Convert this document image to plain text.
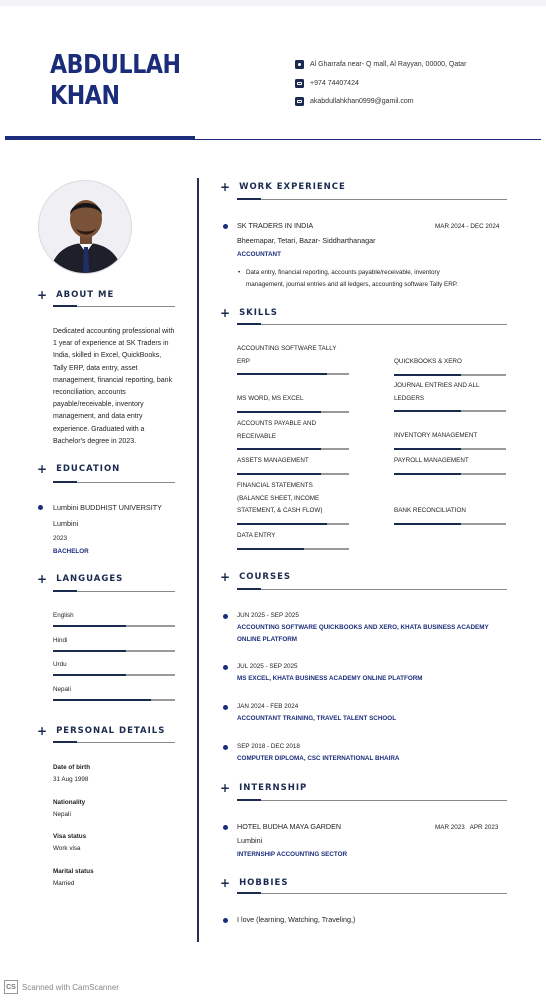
ABDULLAH
KHAN
Al Gharrafa near- Q mall, Al Rayyan, 00000, Qatar
+974 74407424
akabdullahkhan0999@gamil.com
+ ABOUT ME
Dedicated accounting professional with 1 year of experience at SK Traders in India, skilled in Excel, QuickBooks, Tally ERP, data entry, asset management, financial reporting, bank reconciliation, accounts payable/receivable, inventory management, and data entry experience. Graduated with a Bachelor's degree in 2023.
+ EDUCATION
Lumbini BUDDHIST UNIVERSITY
Lumbini
2023
BACHELOR
+ LANGUAGES
+ PERSONAL DETAILS
+ WORK EXPERIENCE
SK TRADERS IN INDIA	MAR 2024 - DEC 2024
Bheemapar, Tetari, Bazar- Siddharthanagar
ACCOUNTANT
• Data entry, financial reporting, accounts payable/receivable, inventory
management, journal entries and all ledgers, accounting software Tally ERP.
+ SKILLS
+ COURSES
+ INTERNSHIP
HOTEL BUDHA MAYA GARDEN	MAR 2023   APR 2023
Lumbini
INTERNSHIP ACCOUNTING SECTOR
+ HOBBIES
I love (learning, Watching, Traveling,)
CS Scanned with CamScanner
English
Hindi
Urdu
Nepali
Date of birth
31 Aug 1998
Nationality
Nepali
Visa status
Work visa
Marital status
Married
ACCOUNTING SOFTWARE TALLY
ERP
MS WORD, MS EXCEL
ACCOUNTS PAYABLE AND
RECEIVABLE
ASSETS MANAGEMENT
FINANCIAL STATEMENTS
(BALANCE SHEET, INCOME
STATEMENT, & CASH FLOW)
DATA ENTRY
QUICKBOOKS & XERO
JOURNAL ENTRIES AND ALL
LEDGERS
INVENTORY MANAGEMENT
PAYROLL MANAGEMENT
BANK RECONCILIATION
JUN 2025 - SEP 2025
ACCOUNTING SOFTWARE QUICKBOOKS AND XERO, KHATA BUSINESS ACADEMY
ONLINE PLATFORM
JUL 2025 - SEP 2025
MS EXCEL, KHATA BUSINESS ACADEMY ONLINE PLATFORM
JAN 2024 - FEB 2024
ACCOUNTANT TRAINING, TRAVEL TALENT SCHOOL
SEP 2018 - DEC 2018
COMPUTER DIPLOMA, CSC INTERNATIONAL BHAIRA
